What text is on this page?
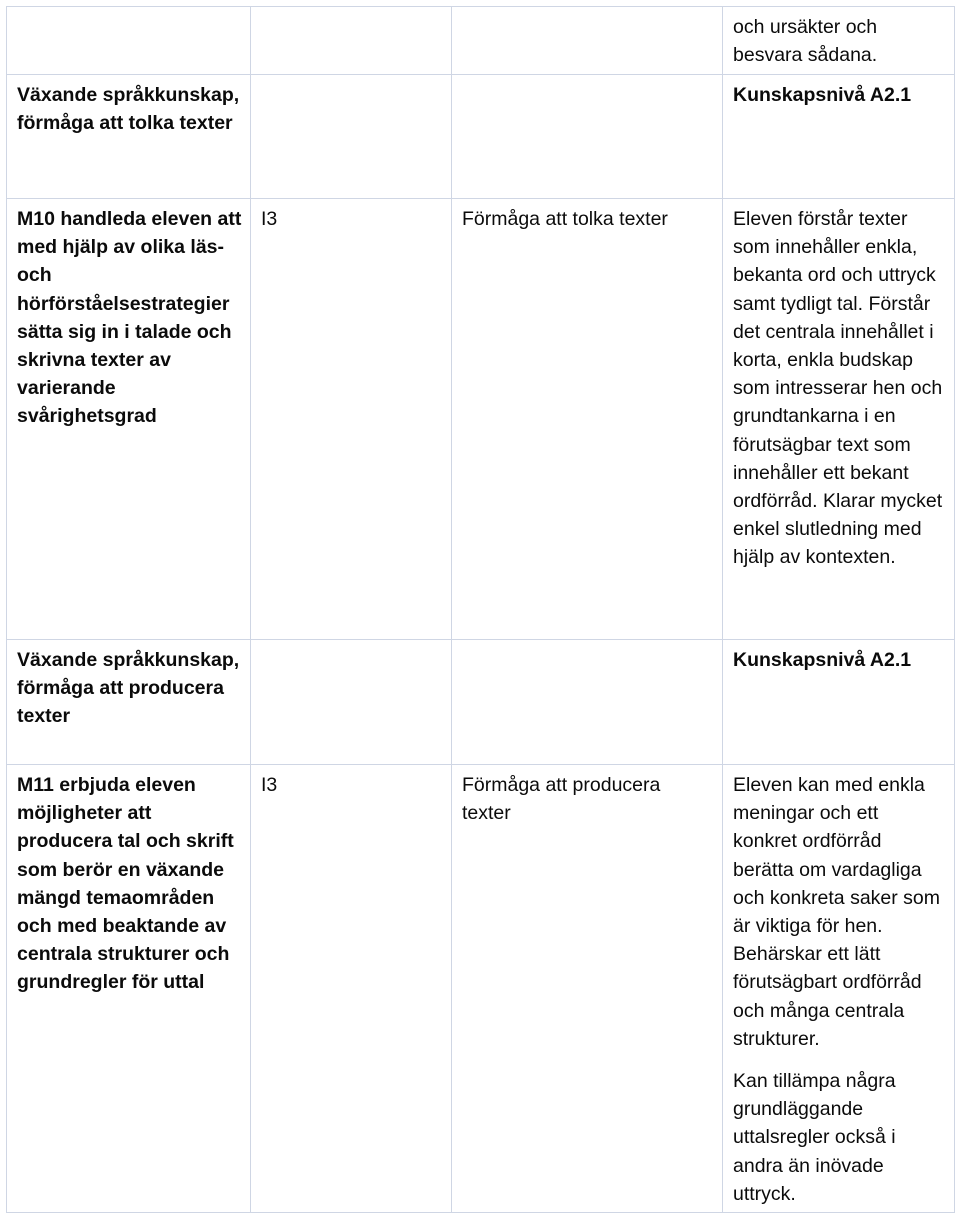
			och ursäkter och besvara sådana.

Växande språkkunskap, förmåga att tolka texter			Kunskapsnivå A2.1

M10 handleda eleven att med hjälp av olika läs- och hörförståelsestrategier sätta sig in i talade och skrivna texter av varierande svårighetsgrad	I3	Förmåga att tolka texter	Eleven förstår texter som innehåller enkla, bekanta ord och uttryck samt tydligt tal. Förstår det centrala innehållet i korta, enkla budskap som intresserar hen och grundtankarna i en förutsägbar text som innehåller ett bekant ordförråd. Klarar mycket enkel slutledning med hjälp av kontexten.

Växande språkkunskap, förmåga att producera texter			Kunskapsnivå A2.1

M11 erbjuda eleven möjligheter att producera tal och skrift som berör en växande mängd temaområden och med beaktande av centrala strukturer och grundregler för uttal	I3	Förmåga att producera texter	Eleven kan med enkla meningar och ett konkret ordförråd berätta om vardagliga och konkreta saker som är viktiga för hen. Behärskar ett lätt förutsägbart ordförråd och många centrala strukturer.

Kan tillämpa några grundläggande uttalsregler också i andra än inövade uttryck.
